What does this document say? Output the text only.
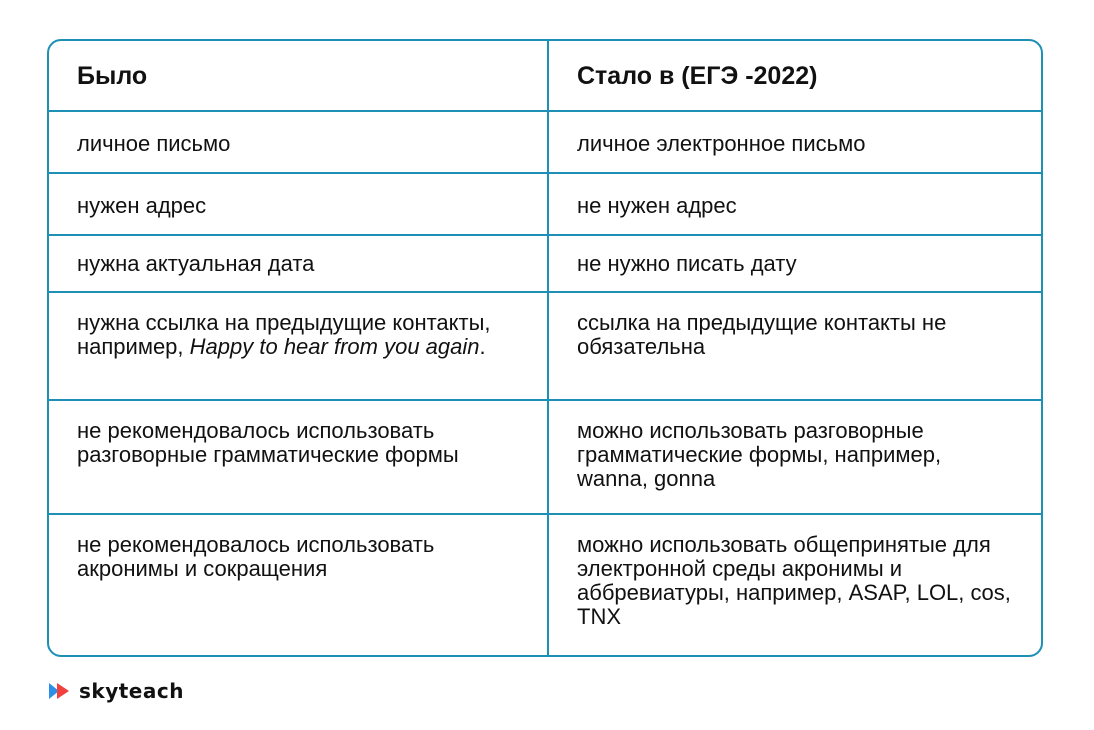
Было	Стало в (ЕГЭ -2022)

личное письмо	личное электронное письмо

нужен адрес	не нужен адрес

нужна актуальная дата	не нужно писать дату

нужна ссылка на предыдущие контакты, например, Happy to hear from you again.	ссылка на предыдущие контакты не обязательна

не рекомендовалось использовать разговорные грамматические формы	можно использовать разговорные грамматические формы, например, wanna, gonna

не рекомендовалось использовать акронимы и сокращения	можно использовать общепринятые для электронной среды акронимы и аббревиатуры, например, ASAP, LOL, cos, TNX
skyteach
